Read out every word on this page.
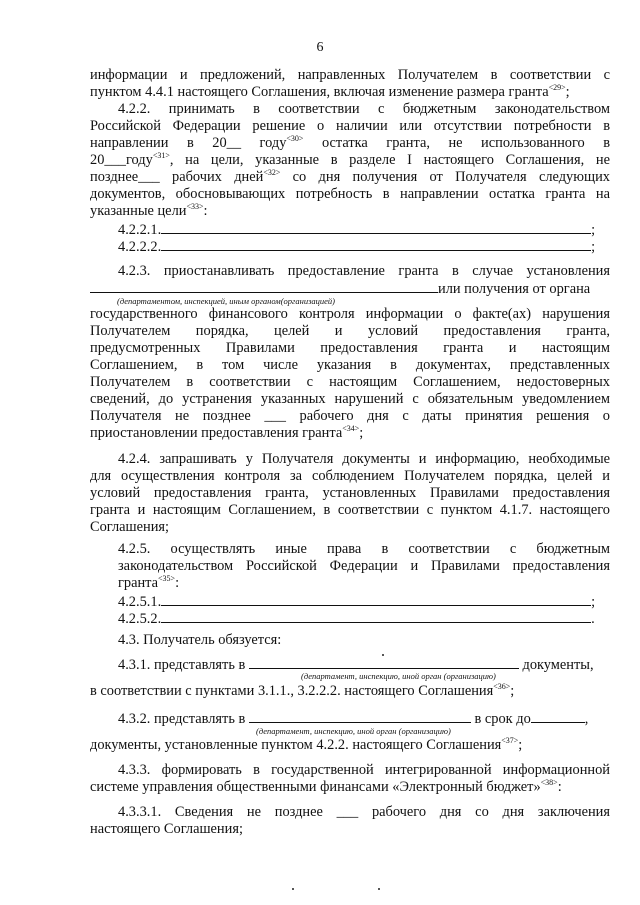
6
информации и предложений, направленных Получателем в соответствии с
пунктом 4.4.1 настоящего Соглашения, включая изменение размера гранта$^{<29>}$;
4.2.2. принимать в соответствии с бюджетным законодательством
Российской Федерации решение о наличии или отсутствии потребности в
направлении в 20__ году$^{<30>}$ остатка гранта, не использованного в
20___году$^{<31>}$, на цели, указанные в разделе I настоящего Соглашения, не
позднее___ рабочих дней$^{<32>}$ со дня получения от Получателя следующих
документов, обосновывающих потребность в направлении остатка гранта на
указанные цели$^{<33>}$:
4.2.2.1.	;
4.2.2.2.	;
4.2.3. приостанавливать предоставление гранта в случае установления
или получения от органа
(департаментом, инспекцией, иным органом(организацией)
государственного финансового контроля информации о факте(ах) нарушения
Получателем порядка, целей и условий предоставления гранта,
предусмотренных Правилами предоставления гранта и настоящим
Соглашением, в том числе указания в документах, представленных
Получателем в соответствии с настоящим Соглашением, недостоверных
сведений, до устранения указанных нарушений с обязательным уведомлением
Получателя не позднее ___ рабочего дня с даты принятия решения о
приостановлении предоставления гранта$^{<34>}$;
4.2.4. запрашивать у Получателя документы и информацию, необходимые
для осуществления контроля за соблюдением Получателем порядка, целей и
условий предоставления гранта, установленных Правилами предоставления
гранта и настоящим Соглашением, в соответствии с пунктом 4.1.7. настоящего
Соглашения;
4.2.5. осуществлять иные права в соответствии с бюджетным
законодательством Российской Федерации и Правилами предоставления
гранта$^{<35>}$:
4.2.5.1.	;
4.2.5.2.	.
4.3. Получатель обязуется:
4.3.1. представлять в	документы,
(департамент, инспекцию, иной орган (организацию)
в соответствии с пунктами 3.1.1., 3.2.2.2. настоящего Соглашения$^{<36>}$;
4.3.2. представлять в	в срок до	,
(департамент, инспекцию, иной орган (организацию)
документы, установленные пунктом 4.2.2. настоящего Соглашения$^{<37>}$;
4.3.3. формировать в государственной интегрированной информационной
системе управления общественными финансами «Электронный бюджет»$^{<38>}$:
4.3.3.1. Сведения не позднее ___ рабочего дня со дня заключения
настоящего Соглашения;
